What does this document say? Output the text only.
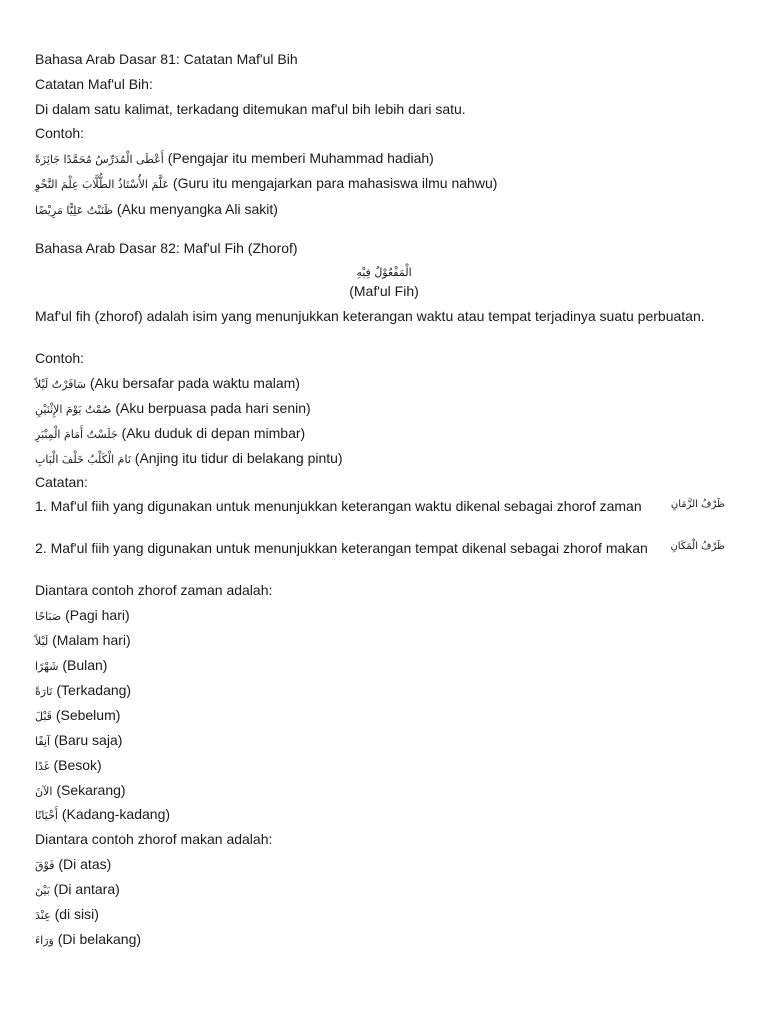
Bahasa Arab Dasar 81: Catatan Maf'ul Bih
Catatan Maf'ul Bih:
Di dalam satu kalimat, terkadang ditemukan maf'ul bih lebih dari satu.
Contoh:
أَعْطَى الْمُدَرِّسُ مُحَمَّدًا جَائِزَةً (Pengajar itu memberi Muhammad hadiah)
عَلَّمَ الأُسْتَاذُ الطُّلَّابَ عِلْمَ النَّحْوِ (Guru itu mengajarkan para mahasiswa ilmu nahwu)
ظَنَنْتُ عَلِيًّا مَرِيْضًا (Aku menyangka Ali sakit)
Bahasa Arab Dasar 82: Maf'ul Fih (Zhorof)
الْمَفْعُوْلُ فِيْهِ
(Maf'ul Fih)
Maf'ul fih (zhorof) adalah isim yang menunjukkan keterangan waktu atau tempat terjadinya suatu perbuatan.
Contoh:
سَافَرْتُ لَيْلاً (Aku bersafar pada waktu malam)
صُمْتُ يَوْمَ الإِثْنَيْنِ (Aku berpuasa pada hari senin)
جَلَسْتُ أَمَامَ الْمِنْبَرِ (Aku duduk di depan mimbar)
نَامَ الْكَلْبُ خَلْفَ الْبَابِ (Anjing itu tidur di belakang pintu)
Catatan:
1. Maf'ul fiih yang digunakan untuk menunjukkan keterangan waktu dikenal sebagai zhorof zaman	ظَرْفُ الزَّمَانِ
2. Maf'ul fiih yang digunakan untuk menunjukkan keterangan tempat dikenal sebagai zhorof makan ظَرْفُ الْمَكَانِ
Diantara contoh zhorof zaman adalah:
صَبَاحًا (Pagi hari)
لَيْلاً (Malam hari)
شَهْرًا (Bulan)
تَارَةً (Terkadang)
قَبْلَ (Sebelum)
آنِفًا (Baru saja)
غَدًا (Besok)
الآنَ (Sekarang)
أَحْيَانًا (Kadang-kadang)
Diantara contoh zhorof makan adalah:
فَوْقَ (Di atas)
بَيْنَ (Di antara)
عِنْدَ (di sisi)
وَرَاءَ (Di belakang)
